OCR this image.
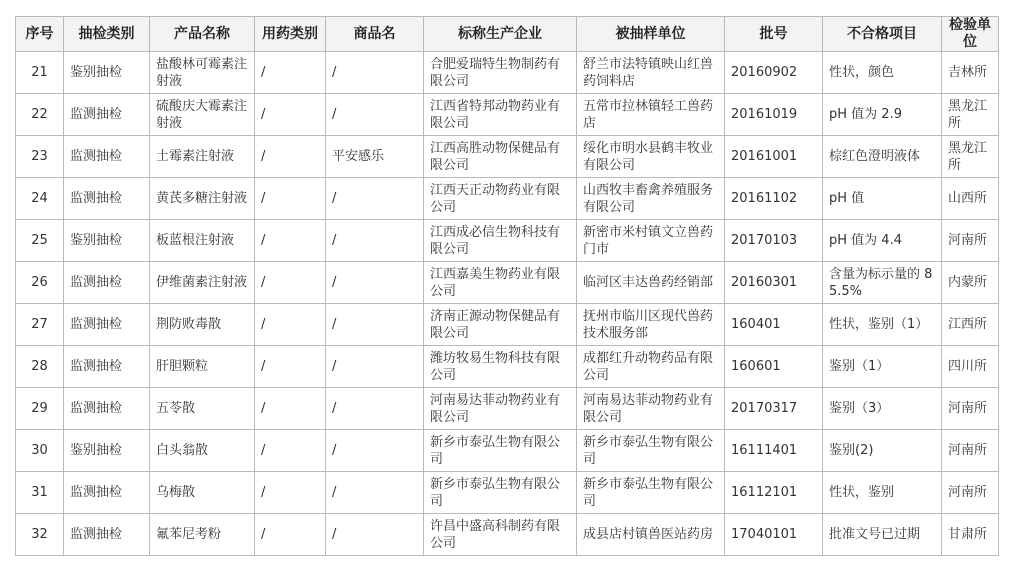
序号	抽检类别	产品名称	用药类别	商品名	标称生产企业	被抽样单位	批号	不合格项目	检验单位
21	鉴别抽检	盐酸林可霉素注射液	/	/	合肥爱瑞特生物制药有限公司	舒兰市法特镇映山红兽药饲料店	20160902	性状，颜色	吉林所
22	监测抽检	硫酸庆大霉素注射液	/	/	江西省特邦动物药业有限公司	五常市拉林镇轻工兽药店	20161019	pH 值为 2.9	黑龙江所
23	监测抽检	土霉素注射液	/	平安感乐	江西高胜动物保健品有限公司	绥化市明水县鹤丰牧业有限公司	20161001	棕红色澄明液体	黑龙江所
24	监测抽检	黄芪多糖注射液	/	/	江西天正动物药业有限公司	山西牧丰畜禽养殖服务有限公司	20161102	pH 值	山西所
25	鉴别抽检	板蓝根注射液	/	/	江西成必信生物科技有限公司	新密市米村镇文立兽药门市	20170103	pH 值为 4.4	河南所
26	监测抽检	伊维菌素注射液	/	/	江西嘉美生物药业有限公司	临河区丰达兽药经销部	20160301	含量为标示量的 85.5%	内蒙所
27	监测抽检	荆防败毒散	/	/	济南正源动物保健品有限公司	抚州市临川区现代兽药技术服务部	160401	性状，鉴别（1）	江西所
28	监测抽检	肝胆颗粒	/	/	潍坊牧易生物科技有限公司	成都红升动物药品有限公司	160601	鉴别（1）	四川所
29	监测抽检	五苓散	/	/	河南易达菲动物药业有限公司	河南易达菲动物药业有限公司	20170317	鉴别（3）	河南所
30	鉴别抽检	白头翁散	/	/	新乡市泰弘生物有限公司	新乡市泰弘生物有限公司	16111401	鉴别(2)	河南所
31	监测抽检	乌梅散	/	/	新乡市泰弘生物有限公司	新乡市泰弘生物有限公司	16112101	性状，鉴别	河南所
32	监测抽检	氟苯尼考粉	/	/	许昌中盛高科制药有限公司	成县店村镇兽医站药房	17040101	批准文号已过期	甘肃所
